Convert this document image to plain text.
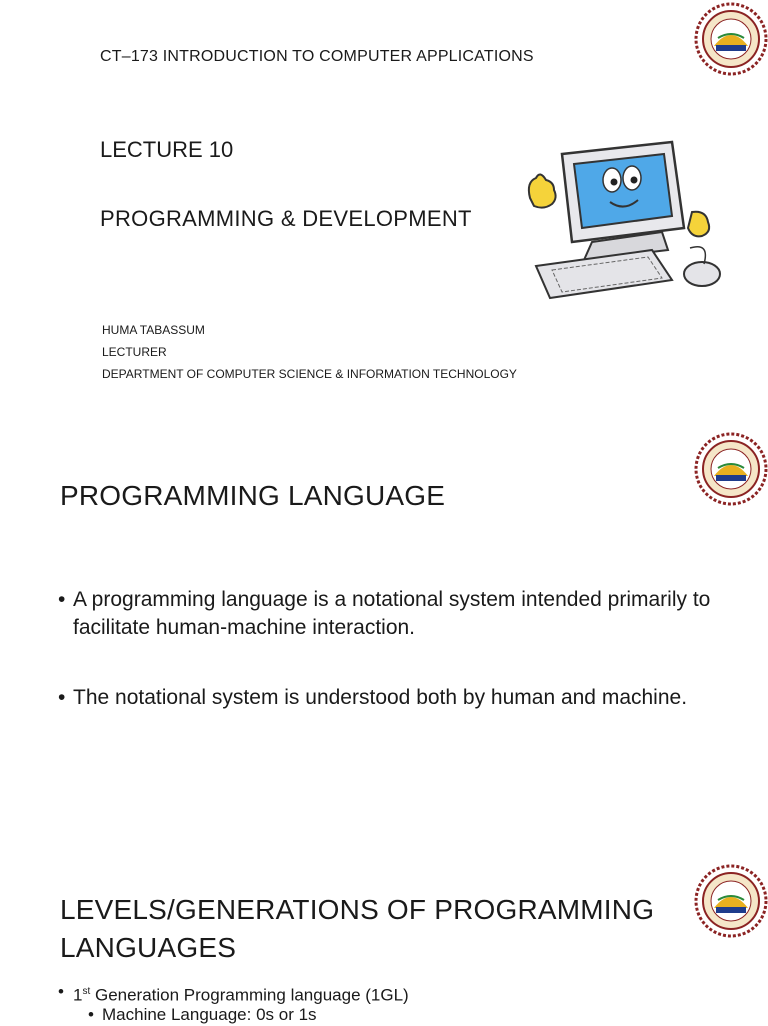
CT–173 INTRODUCTION TO COMPUTER APPLICATIONS
LECTURE 10
PROGRAMMING & DEVELOPMENT
HUMA TABASSUM
LECTURER
DEPARTMENT OF COMPUTER SCIENCE & INFORMATION TECHNOLOGY
PROGRAMMING LANGUAGE
• A programming language is a notational system intended primarily to facilitate human-machine interaction.
• The notational system is understood both by human and machine.
LEVELS/GENERATIONS OF PROGRAMMING
LANGUAGES
• 1st Generation Programming language (1GL)
• Machine Language: 0s or 1s
